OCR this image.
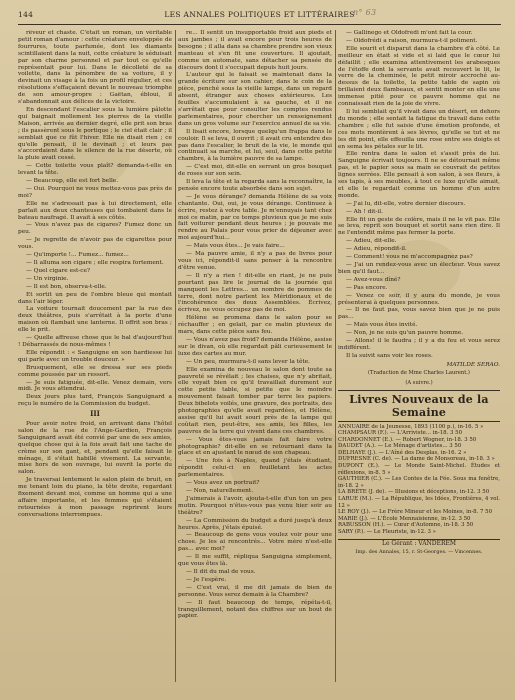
144	LES ANNALES POLITIQUES ET LITTÉRAIRES
n° 63

rêveur et chaste. C'était un roman, un véritable petit roman d'amour : cette créature enveloppée de fourrures, toute parfumée, dont les diamants scintillaient dans la nuit, cette créature le séduisait par son charme personnel et par tout ce qu'elle représentait pour lui. Dans le décolleté de sa voilette, dans la pénombre de sa voiture, il y devinait un visage à la fois un profil régulier, et ces résolutions s'effaçaient devant le nouveau triomphe de son amour-propre : Gaëtan, ébloui, il s'abandonnait aux délices de la victoire.

En descendant l'escalier sous la lumière pâlotte qui baignait mollement les pierres de la vieille Maison, arrivée au dernier degré, elle prit son bras ; ils passèrent sous le portique ; le ciel était clair ; il semblait que ce fût l'hiver. Elle ne disait rien ; ce qu'elle pensait, il le devinait ; et leurs pas s'accordaient dans le silence de la rue déserte, où la pluie avait cessé.

— Cette toilette vous plaît? demanda-t-elle en levant la tête.

— Beaucoup, elle est fort belle.

— Oui. Pourquoi ne vous mettez-vous pas près de moi?

Elle ne s'adressait pas à lui directement, elle parlait aux deux chanteuses qui tombaient dans le bateau naufragé. Il avait à ses côtés.

— Vous n'avez pas de cigares? Fumez donc un peu.

— Je regrette de n'avoir pas de cigarettes pour vous.

— Qu'importe !... Fumez... fumez...

— Il alluma son cigare ; elle respira fortement.

— Quel cigare est-ce?

— Un virginie.

— Il est bon, observa-t-elle.

Et sortit un peu de l'ombre bleue qui montait dans l'air léger.

La voiture tournait doucement par la rue des deux théâtres, puis s'arrêtait à la porte d'une maison où flambait une lanterne. Il offrit son bras ; elle le prit.

— Quelle affreuse chose que le bal d'aujourd'hui ! Débarrassés de nous-mêmes !

Elle répondit : « Sanguigne en son hardiesse lui qui parle avec un trouble douceur. »

Brusquement, elle se dressa sur ses pieds comme poussée par un ressort.

— Je suis fatiguée, dit-elle. Venez demain, vers midi. Je vous attendrai.

Deux jours plus tard, François Sanguignard a reçu le numéro de la Commission du budget.

III

Pour avoir notre froid, en arrivant dans l'hôtel salon de la rue de l'Ange-Gardien, François Sanguignard avait été convié par une de ses amies, quelque chose qui à la fois avait fait une tache de crème sur son gant, et, pendant qu'elle faisait le ménage, il s'était habillé vivement. La servante, mise hors de son ouvrage, lui ouvrit la porte du salon.

Je traversai lentement le salon plein de bruit, en me tenant loin du piano, la tête droite, regardant fixement devant moi, comme un homme qui a une affaire importante, et les femmes qui s'étaient retournées à mon passage reprirent leurs conversations interrompues.

re... Il sentit un insupportable froid aux pieds et aux jambes ; il avait encore pour trois heures de besogne ; il alla dans sa chambre prendre son vieux manteau et s'en fit une couverture. Il ajoutait, comme un automate, sans détacher sa pensée du discours dont il s'occupait depuis huit jours.

L'auteur qui le faisait se maintenait dans la grande écriture sur son cahier, dans le coin de la pièce, penché sous la vieille lampe, dans un regard absent, étranger aux choses extérieures. Les feuilles s'accumulaient à sa gauche, et il ne s'arrêtait que pour consulter les comptes rendus parlementaires, pour chercher un renseignement dans un gros volume sur l'exercice annuel de sa vie.

Il lisait encore, lorsque quelqu'un frappa dans le couloir. Il se leva, il ouvrit ; il avait cru entendre des pas dans l'escalier, le bruit de la vie, le monde qui continuait sa marche, et lui, seul, dans cette petite chambre, à la lumière pauvre de sa lampe.

— C'est moi, dit-elle en serrant un gros bouquet de roses sur son sein.

Il leva la tête et la regarda sans la reconnaître, la pensée encore toute absorbée dans son sujet.

— Je vous dérange? demanda Hélène de sa voix chantante. Oui, oui, je vous dérange. Continuez à écrire, restez à votre table. Je m'ennuyais tant chez moi ce matin, par ce temps pluvieux que je me suis fait voiturer pendant deux heures ; je pouvais me rendre au Palais pour vous prier de déjeuner avec moi aujourd'hui...

— Mais vous êtes... Je vais faire...

— Ma pauvre amie, il n'y a pas de livres pour vous ici, répondit-il sans penser à la rencontre d'être venue.

— Il n'y a rien ! dit-elle en riant, je ne puis pourtant pas lire le journal de la journée qui manquent les Lettres... un nombre de pommes de terre, dont notre parlent les Méridionaux et de l'incohérence des deux Assemblées. Écrivez, écrivez, ne vous occupez pas de moi.

Hélène se promena dans le salon pour se réchauffer ; en gelait, par ce matin pluvieux de mars, dans cette pièce sans feu.

— Vous n'avez pas froid? demanda Hélène, assise sur le divan, où elle regardait pâli curieusement le luxe des cartes au mur.

— Un peu, murmura-t-il sans lever la tête.

Elle examina de nouveau le salon dont toute sa pauvreté se révélait ; les chaises, que n'y abritait, elle voyait bien ce qu'il travaillait durement sur cette petite table, si petite que le moindre mouvement faisait tomber par terre les papiers. Deux bibelots voilés, une gravure, des portraits, des photographies qu'elle avait regardées, et Hélène, assise qu'il lui avait souri près de la lampe qui coûtait rien, peut-être, ses amis, les filles, les pauvres de la terre qui vivent dans ces chambres.

— Vous êtes-vous jamais fait faire votre photographie? dit-elle en se retournant dans la glace et en ajustant le nœud de son chapeau.

— Une fois à Naples, quand j'étais étudiant, répondit celui-ci en feuilletant les actes parlementaires.

— Vous avez un portrait?

— Non, naturellement.

J'aimerais à l'avoir, ajouta-t-elle d'un ton un peu mutin. Pourquoi n'êtes-vous pas venu hier soir au théâtre?

— La Commission du budget a duré jusqu'à deux heures. Après, j'étais épuisé.

— Beaucoup de gens vous voulez voir pour une chose. Je les ai rencontrés... Votre mère n'est-elle pas... avec moi?

— Il me suffit, répliqua Sanguigna simplement, que vous êtes là.

— Il dit du mal de vous.

— Je l'espère.

— C'est vrai, il me dit jamais de bien de personne. Vous serez demain à la Chambre?

— Il faut beaucoup de temps, répéta-t-il, tranquillement, notant des chiffres sur un bout de papier.

— Gallinego et Oldofrédi m'ont fait la cour.

— Oldofrédi a raison, murmura-t-il poliment.

Elle sourit et disparut dans la chambre d'à côté. Le meilleur en était si vide et si laid que le cœur lui défaillit ; elle examina attentivement les arabesques de l'étoffe dont la servante avait recouvert le lit, le verre de la cheminée, le petit miroir accroché au-dessus de la toilette, la petite table de sapin où brillaient deux flambeaux, et sentit monter en elle une immense pitié pour ce pauvre homme qui ne connaissait rien de la joie de vivre.

Il lui semblait qu'il vivait dans un désert, en dehors du monde ; elle sentait la fatigue du travail dans cette chambre ; elle fut saisie d'une émotion profonde, et ces mots montèrent à ses lèvres, qu'elle se tut et ne les dit point, elle effeuilla une rose entre ses doigts et en sema les pétales sur le lit.

Elle rentra dans le salon et s'assit près de lui. Sanguigne écrivait toujours. Il ne se détournait même pas, et le papier sous sa main se couvrait de petites lignes serrées. Elle pensait à son salon, à ses fleurs, à ses tapis, à ses meubles, à tout ce luxe qu'elle aimait, et elle le regardait comme un homme d'un autre monde.

— J'ai lu, dit-elle, votre dernier discours.

— Ah ! dit-il.

Elle fit un geste de colère, mais il ne le vit pas. Elle se leva, reprit son bouquet et sortit sans rien dire. Il ne l'entendit même pas fermer la porte.

— Adieu, dit-elle.

— Adieu, répondit-il.

— Comment! vous ne m'accompagnez pas?

— J'ai un rendez-vous avec un électeur. Vous savez bien qu'il faut...

— Avez-vous dîné?

— Pas encore.

— Venez ce soir, il y aura du monde, je vous présenterai à quelques personnes.

— Il ne faut pas, vous savez bien que je ne puis pas...

— Mais vous êtes invité.

— Non, je ne suis qu'un pauvre homme.

— Allons! il le faudra ; il y a du feu et vous serez indifférent.

Il la suivit sans voir les roses.

MATILDE SERAO.

(Traduction de Mme Charles Laurent.)

(A suivre.)

Livres Nouveaux de la Semaine

ANNUAIRE de la Jeunesse, 1893 (1100 p.), in-16. 5 »

CHAMPSAUR (F.). — L'Arriviste... in-18. 3 50

CHARDONNET (E.). — Robert Wogner, in-18. 3 50

DAUDET (A.). — Le Ménage d'artistes... 3 50

DELHAYE (J.). — L'Aîné des Desplas, in-16. 2 »

DUFRESNE (C. de). — La dame de Monsoreau, in-18. 3 »

DUPONT (E.). — Le Monde Saint-Michel. Études et réflexions, in-8. 5 »

GAUTHIER (C.). — Les Contes de la Fée. Sous ma fenêtre, in-18. 2 »

LA BRÈTE (J. de). — Illusions et déceptions, in-12. 3 50

LARUE (M.). — La République, les Idées, Frontières, 4 vol. 12 »

LE ROY (J.). — Le Frère Mineur et les Moines, in-8. 7 50

MARIE (J.). — L'École Mennaisienne, in-12. 3 50

RABUSSON (H.). — Cœur d'Automne, in-18. 3 50

SARY (P.). — Le Fleuriste, in-12. 3 »

Le Gérant : VANDEREM

Imp. des Annales, 15, r. St-Georges. — Vincennes.
